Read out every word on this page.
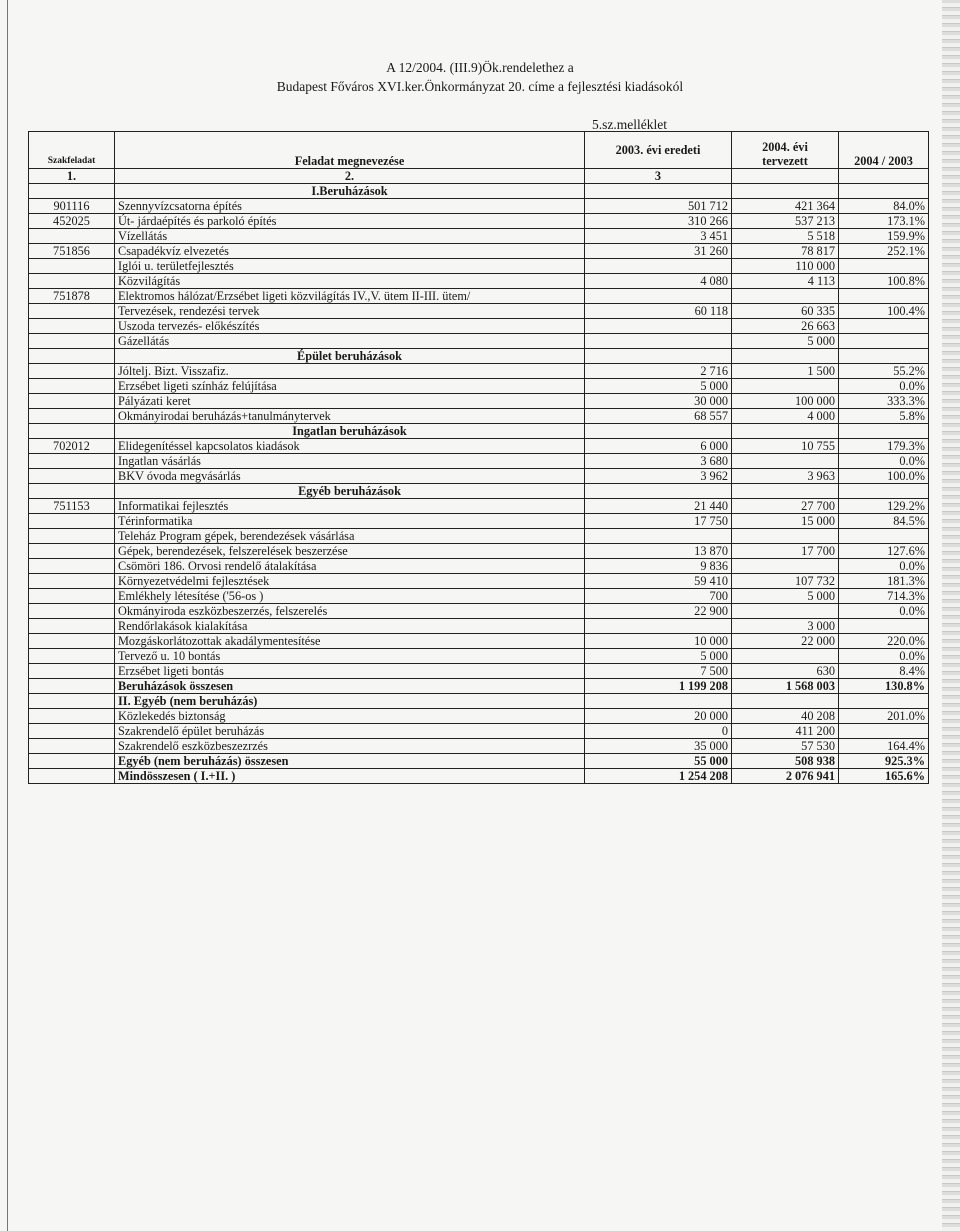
A 12/2004. (III.9)Ök.rendelethez a
Budapest Főváros XVI.ker.Önkormányzat 20. címe a fejlesztési kiadásokól
5.sz.melléklet
Szakfeladat	Feladat megnevezése	2003. évi eredeti	2004. évi
tervezett	2004 / 2003
1.	2.	3		
	I.Beruházások			
901116	Szennyvízcsatorna építés	501 712	421 364	84.0%
452025	Út- járdaépítés és parkoló építés	310 266	537 213	173.1%
	Vízellátás	3 451	5 518	159.9%
751856	Csapadékvíz elvezetés	31 260	78 817	252.1%
	Iglói u. területfejlesztés		110 000	
	Közvilágítás	4 080	4 113	100.8%
751878	Elektromos hálózat/Erzsébet ligeti közvilágítás IV.,V. ütem II-III. ütem/			
	Tervezések, rendezési tervek	60 118	60 335	100.4%
	Uszoda tervezés- előkészítés		26 663	
	Gázellátás		5 000	
	Épület beruházások			
	Jóltelj. Bizt. Visszafiz.	2 716	1 500	55.2%
	Erzsébet ligeti színház felújítása	5 000		0.0%
	Pályázati keret	30 000	100 000	333.3%
	Okmányirodai beruházás+tanulmánytervek	68 557	4 000	5.8%
	Ingatlan beruházások			
702012	Elidegenítéssel kapcsolatos kiadások	6 000	10 755	179.3%
	Ingatlan vásárlás	3 680		0.0%
	BKV óvoda megvásárlás	3 962	3 963	100.0%
	Egyéb beruházások			
751153	Informatikai fejlesztés	21 440	27 700	129.2%
	Térinformatika	17 750	15 000	84.5%
	Teleház Program gépek, berendezések vásárlása			
	Gépek, berendezések, felszerelések beszerzése	13 870	17 700	127.6%
	Csömöri 186. Orvosi rendelő átalakítása	9 836		0.0%
	Környezetvédelmi fejlesztések	59 410	107 732	181.3%
	Emlékhely létesítése ('56-os )	700	5 000	714.3%
	Okmányiroda eszközbeszerzés, felszerelés	22 900		0.0%
	Rendőrlakások kialakítása		3 000	
	Mozgáskorlátozottak akadálymentesítése	10 000	22 000	220.0%
	Tervező u. 10 bontás	5 000		0.0%
	Erzsébet ligeti bontás	7 500	630	8.4%
	Beruházások összesen	1 199 208	1 568 003	130.8%
	II. Egyéb (nem beruházás)			
	Közlekedés biztonság	20 000	40 208	201.0%
	Szakrendelő épület beruházás	0	411 200	
	Szakrendelő eszközbeszezrzés	35 000	57 530	164.4%
	Egyéb (nem beruházás) összesen	55 000	508 938	925.3%
	Mindösszesen ( I.+II. )	1 254 208	2 076 941	165.6%
